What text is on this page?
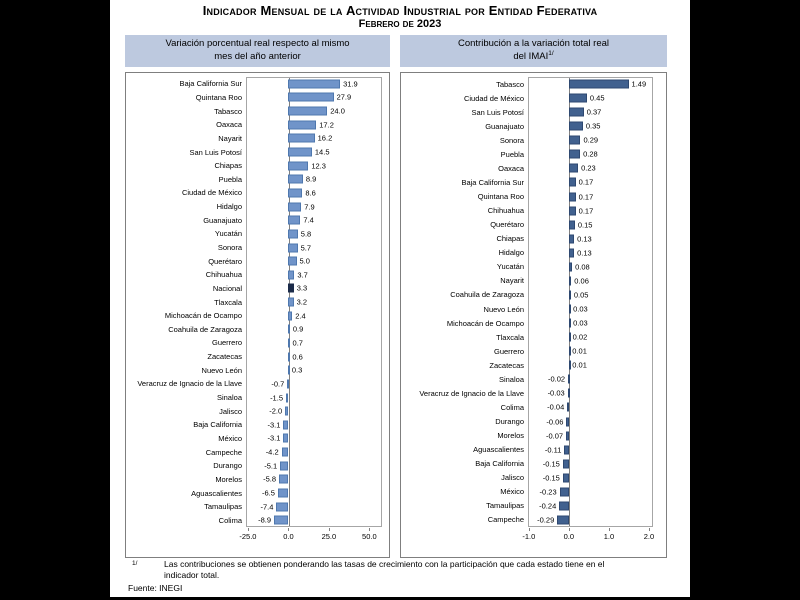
Indicador Mensual de la Actividad Industrial por Entidad Federativa
Febrero de 2023
Variación porcentual real respecto al mismo
mes del año anterior
Contribución a la variación total real
del $IMAI^{1/}$
Baja California Sur	31.9
Quintana Roo	27.9
Tabasco	24.0
Oaxaca	17.2
Nayarit	16.2
San Luis Potosí	14.5
Chiapas	12.3
Puebla	8.9
Ciudad de México	8.6
Hidalgo	7.9
Guanajuato	7.4
Yucatán	5.8
Sonora	5.7
Querétaro	5.0
Chihuahua	3.7
Nacional	3.3
Tlaxcala	3.2
Michoacán de Ocampo	2.4
Coahuila de Zaragoza	0.9
Guerrero	0.7
Zacatecas	0.6
Nuevo León	0.3
Veracruz de Ignacio de la Llave	-0.7
Sinaloa	-1.5
Jalisco	-2.0
Baja California	-3.1
México	-3.1
Campeche	-4.2
Durango	-5.1
Morelos	-5.8
Aguascalientes	-6.5
Tamaulipas	-7.4
Colima	-8.9
-25.0	0.0	25.0	50.0
Tabasco	1.49
Ciudad de México	0.45
San Luis Potosí	0.37
Guanajuato	0.35
Sonora	0.29
Puebla	0.28
Oaxaca	0.23
Baja California Sur	0.17
Quintana Roo	0.17
Chihuahua	0.17
Querétaro	0.15
Chiapas	0.13
Hidalgo	0.13
Yucatán	0.08
Nayarit	0.06
Coahuila de Zaragoza	0.05
Nuevo León	0.03
Michoacán de Ocampo	0.03
Tlaxcala	0.02
Guerrero	0.01
Zacatecas	0.01
Sinaloa	-0.02
Veracruz de Ignacio de la Llave	-0.03
Colima	-0.04
Durango	-0.06
Morelos	-0.07
Aguascalientes	-0.11
Baja California	-0.15
Jalisco	-0.15
México	-0.23
Tamaulipas	-0.24
Campeche	-0.29
-1.0	0.0	1.0	2.0
1/	Las contribuciones se obtienen ponderando las tasas de crecimiento con la participación que cada estado tiene en el indicador total.
Fuente: INEGI
